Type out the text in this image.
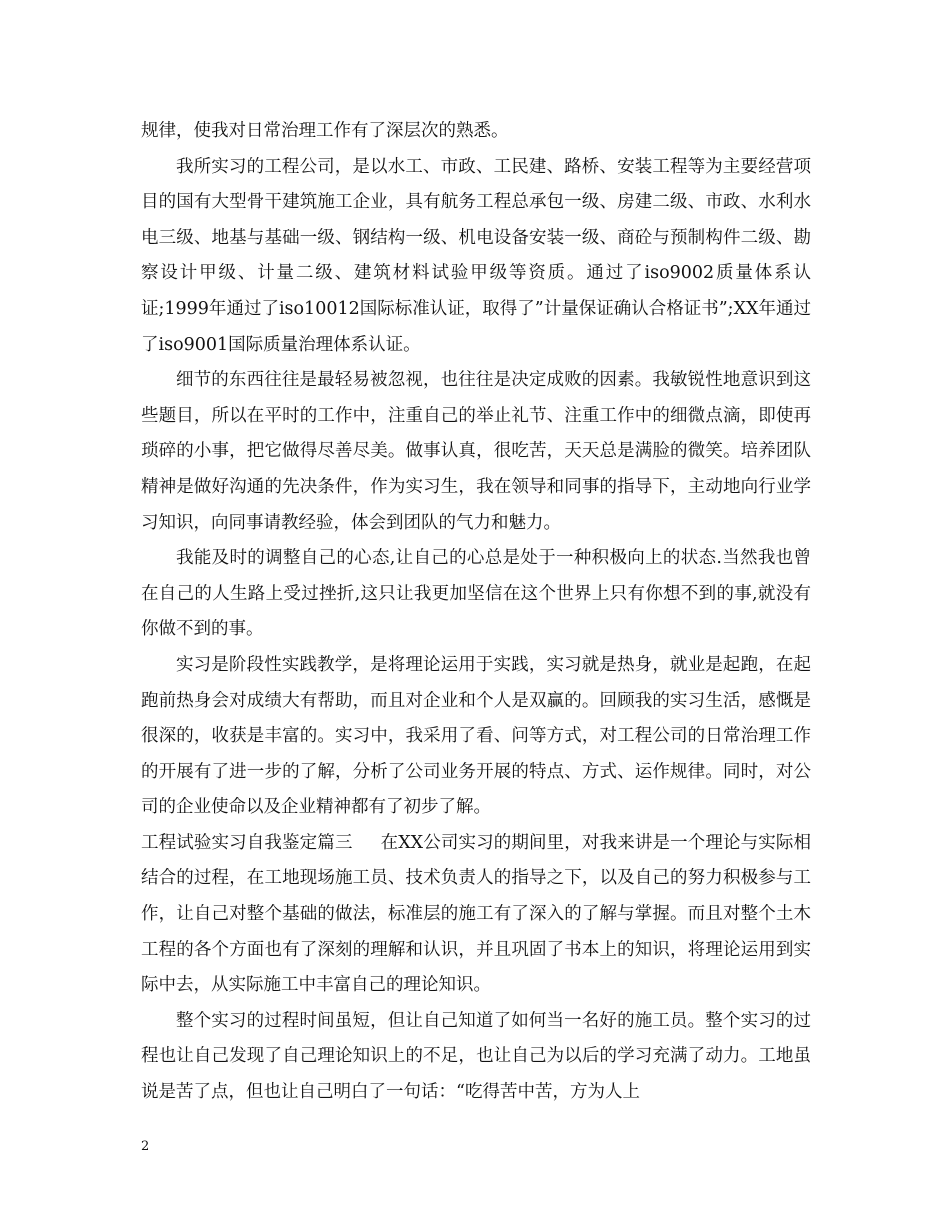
规律，使我对日常治理工作有了深层次的熟悉。

我所实习的工程公司，是以水工、市政、工民建、路桥、安装工程等为主要经营项目的国有大型骨干建筑施工企业，具有航务工程总承包一级、房建二级、市政、水利水电三级、地基与基础一级、钢结构一级、机电设备安装一级、商砼与预制构件二级、勘察设计甲级、计量二级、建筑材料试验甲级等资质。通过了iso9002质量体系认证;1999年通过了iso10012国际标准认证，取得了”计量保证确认合格证书”;XX年通过了iso9001国际质量治理体系认证。

细节的东西往往是最轻易被忽视，也往往是决定成败的因素。我敏锐性地意识到这些题目，所以在平时的工作中，注重自己的举止礼节、注重工作中的细微点滴，即使再琐碎的小事，把它做得尽善尽美。做事认真，很吃苦，天天总是满脸的微笑。培养团队精神是做好沟通的先决条件，作为实习生，我在领导和同事的指导下，主动地向行业学习知识，向同事请教经验，体会到团队的气力和魅力。

我能及时的调整自己的心态,让自己的心总是处于一种积极向上的状态.当然我也曾在自己的人生路上受过挫折,这只让我更加坚信在这个世界上只有你想不到的事,就没有你做不到的事。

实习是阶段性实践教学，是将理论运用于实践，实习就是热身，就业是起跑，在起跑前热身会对成绩大有帮助，而且对企业和个人是双赢的。回顾我的实习生活，感慨是很深的，收获是丰富的。实习中，我采用了看、问等方式，对工程公司的日常治理工作的开展有了进一步的了解，分析了公司业务开展的特点、方式、运作规律。同时，对公司的企业使命以及企业精神都有了初步了解。

工程试验实习自我鉴定篇三 在XX公司实习的期间里，对我来讲是一个理论与实际相结合的过程，在工地现场施工员、技术负责人的指导之下，以及自己的努力积极参与工作，让自己对整个基础的做法，标准层的施工有了深入的了解与掌握。而且对整个土木工程的各个方面也有了深刻的理解和认识，并且巩固了书本上的知识，将理论运用到实际中去，从实际施工中丰富自己的理论知识。

整个实习的过程时间虽短，但让自己知道了如何当一名好的施工员。整个实习的过程也让自己发现了自己理论知识上的不足，也让自己为以后的学习充满了动力。工地虽说是苦了点，但也让自己明白了一句话：“吃得苦中苦，方为人上

2
